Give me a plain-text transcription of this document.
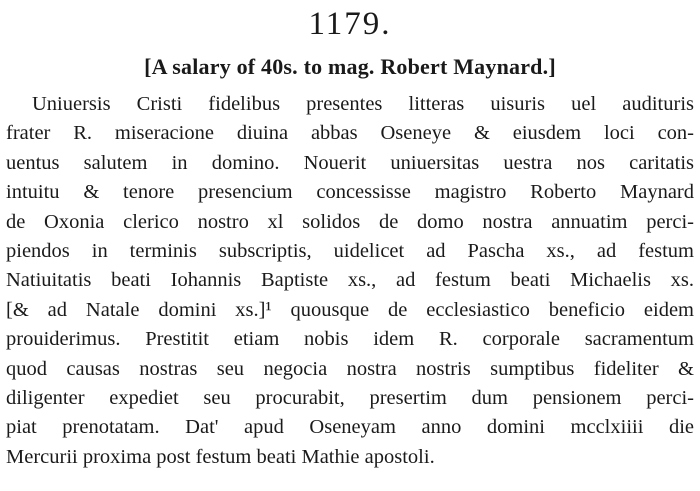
1179.
[A salary of 40s. to mag. Robert Maynard.]
Uniuersis Cristi fidelibus presentes litteras uisuris uel audituris
frater R. miseracione diuina abbas Oseneye & eiusdem loci con-
uentus salutem in domino. Nouerit uniuersitas uestra nos caritatis
intuitu & tenore presencium concessisse magistro Roberto Maynard
de Oxonia clerico nostro xl solidos de domo nostra annuatim perci-
piendos in terminis subscriptis, uidelicet ad Pascha xs., ad festum
Natiuitatis beati Iohannis Baptiste xs., ad festum beati Michaelis xs.
[& ad Natale domini xs.]¹ quousque de ecclesiastico beneficio eidem
prouiderimus. Prestitit etiam nobis idem R. corporale sacramentum
quod causas nostras seu negocia nostra nostris sumptibus fideliter &
diligenter expediet seu procurabit, presertim dum pensionem perci-
piat prenotatam. Dat' apud Oseneyam anno domini mcclxiiii die
Mercurii proxima post festum beati Mathie apostoli.
